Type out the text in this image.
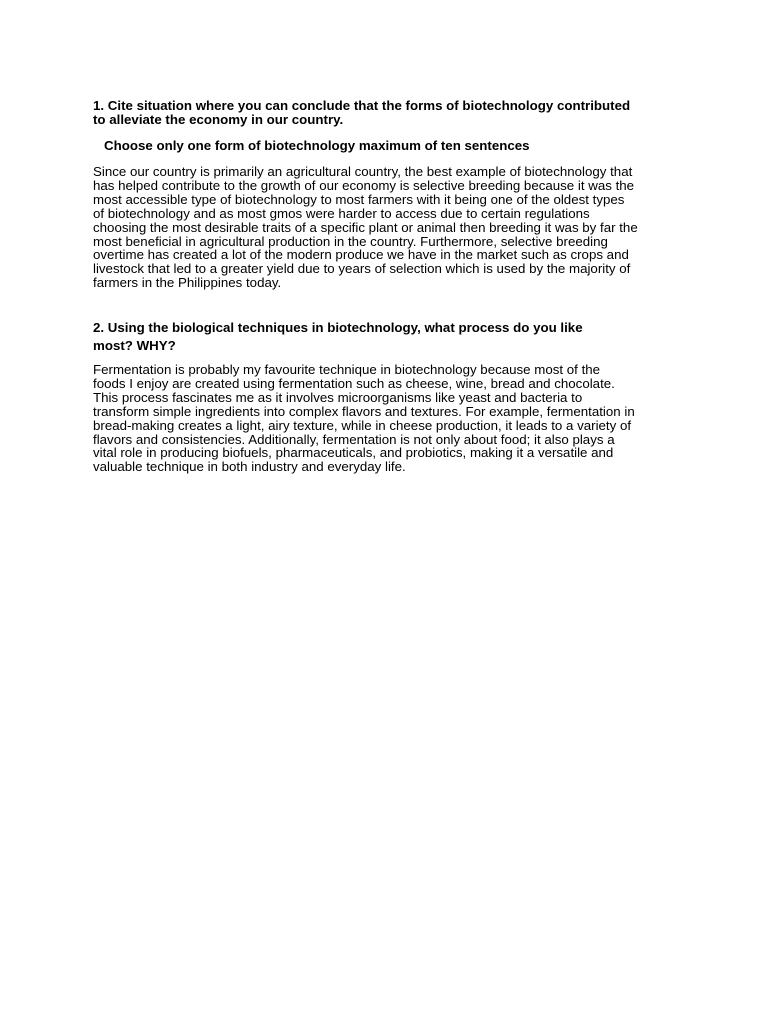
1. Cite situation where you can conclude that the forms of biotechnology contributed
to alleviate the economy in our country.

Choose only one form of biotechnology maximum of ten sentences

Since our country is primarily an agricultural country, the best example of biotechnology that
has helped contribute to the growth of our economy is selective breeding because it was the
most accessible type of biotechnology to most farmers with it being one of the oldest types
of biotechnology and as most gmos were harder to access due to certain regulations
choosing the most desirable traits of a specific plant or animal then breeding it was by far the
most beneficial in agricultural production in the country. Furthermore, selective breeding
overtime has created a lot of the modern produce we have in the market such as crops and
livestock that led to a greater yield due to years of selection which is used by the majority of
farmers in the Philippines today.

2. Using the biological techniques in biotechnology, what process do you like
most? WHY?

Fermentation is probably my favourite technique in biotechnology because most of the
foods I enjoy are created using fermentation such as cheese, wine, bread and chocolate.
This process fascinates me as it involves microorganisms like yeast and bacteria to
transform simple ingredients into complex flavors and textures. For example, fermentation in
bread-making creates a light, airy texture, while in cheese production, it leads to a variety of
flavors and consistencies. Additionally, fermentation is not only about food; it also plays a
vital role in producing biofuels, pharmaceuticals, and probiotics, making it a versatile and
valuable technique in both industry and everyday life.
